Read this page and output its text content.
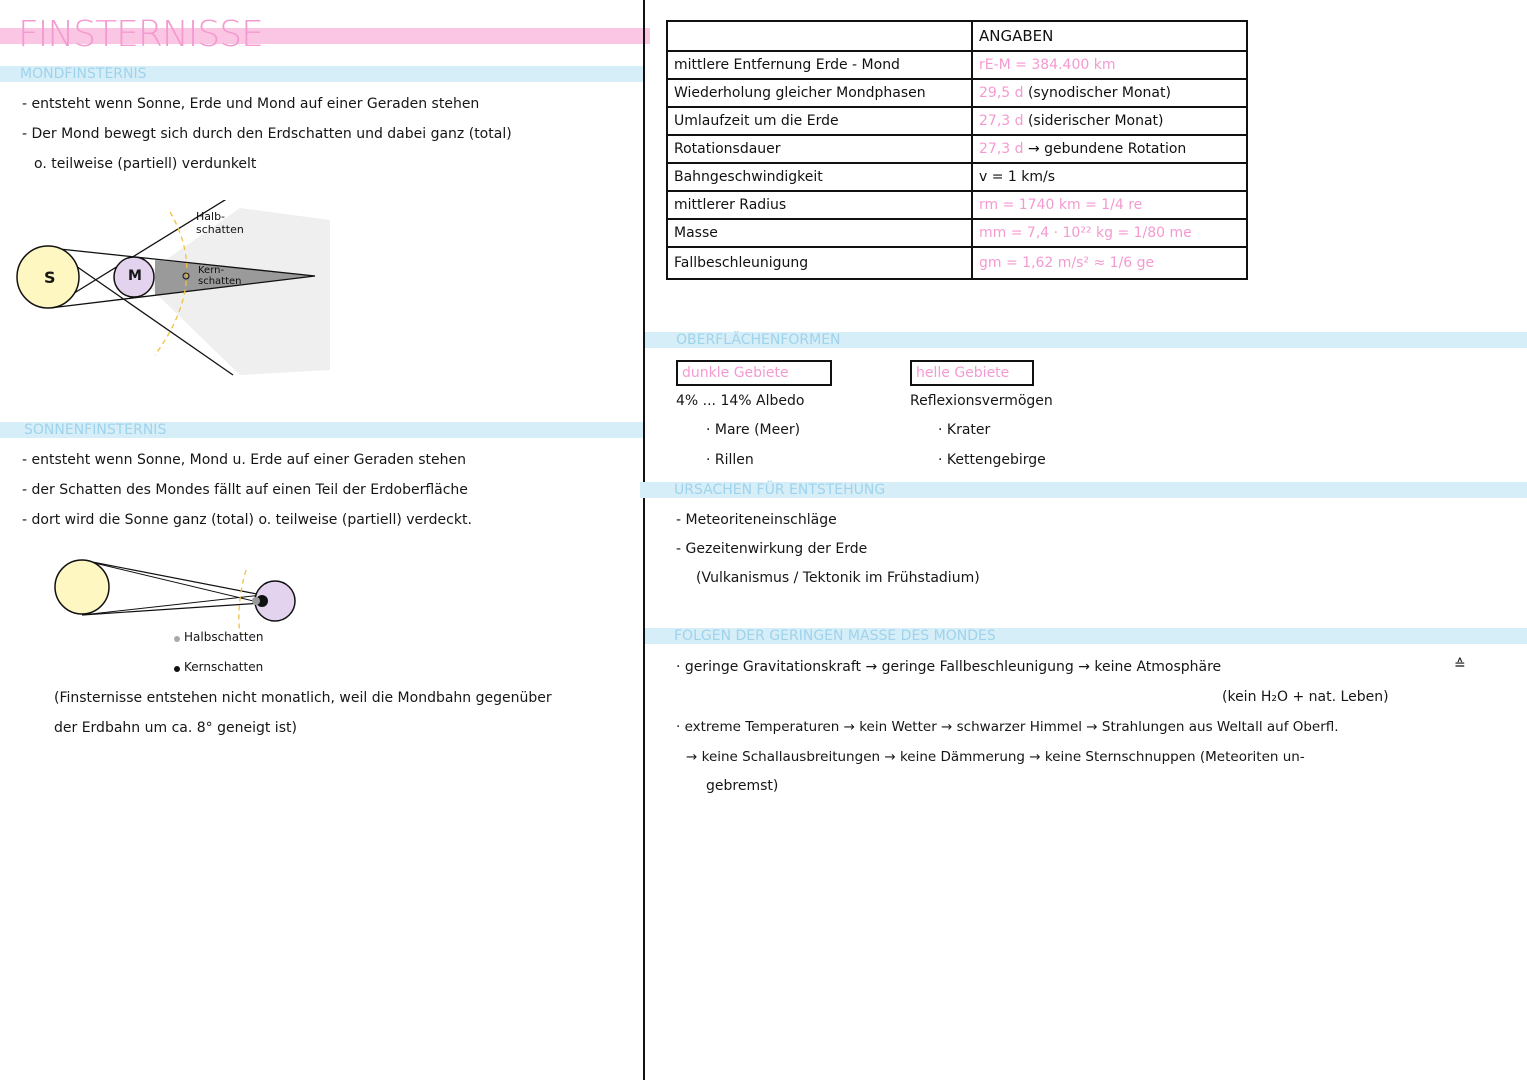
FINSTERNISSE
MONDFINSTERNIS
- entsteht wenn Sonne, Erde und Mond auf einer Geraden stehen
- Der Mond bewegt sich durch den Erdschatten und dabei ganz (total)
o. teilweise (partiell) verdunkelt
S	M
Halb-
schatten
Kern-
schatten
SONNENFINSTERNIS
- entsteht wenn Sonne, Mond u. Erde auf einer Geraden stehen
- der Schatten des Mondes fällt auf einen Teil der Erdoberfläche
- dort wird die Sonne ganz (total) o. teilweise (partiell) verdeckt.
Halbschatten
Kernschatten
(Finsternisse entstehen nicht monatlich, weil die Mondbahn gegenüber
der Erdbahn um ca. 8° geneigt ist)
	ANGABEN
mittlere Entfernung Erde - Mond	rE-M = 384.400 km
Wiederholung gleicher Mondphasen	29,5 d (synodischer Monat)
Umlaufzeit um die Erde	27,3 d (siderischer Monat)
Rotationsdauer	27,3 d → gebundene Rotation
Bahngeschwindigkeit	v = 1 km/s
mittlerer Radius	rm = 1740 km = 1/4 re
Masse	mm = 7,4 · 10²² kg = 1/80 me
Fallbeschleunigung	gm = 1,62 m/s² ≈ 1/6 ge
OBERFLÄCHENFORMEN
dunkle Gebiete
4% ... 14% Albedo
· Mare (Meer)
· Rillen
helle Gebiete
Reflexionsvermögen
· Krater
· Kettengebirge
URSACHEN FÜR ENTSTEHUNG
- Meteoriteneinschläge
- Gezeitenwirkung der Erde
(Vulkanismus / Tektonik im Frühstadium)
FOLGEN DER GERINGEN MASSE DES MONDES
· geringe Gravitationskraft → geringe Fallbeschleunigung → keine Atmosphäre	≙
(kein H₂O + nat. Leben)
· extreme Temperaturen → kein Wetter → schwarzer Himmel → Strahlungen aus Weltall auf Oberfl.
→ keine Schallausbreitungen → keine Dämmerung → keine Sternschnuppen (Meteoriten un-
gebremst)
